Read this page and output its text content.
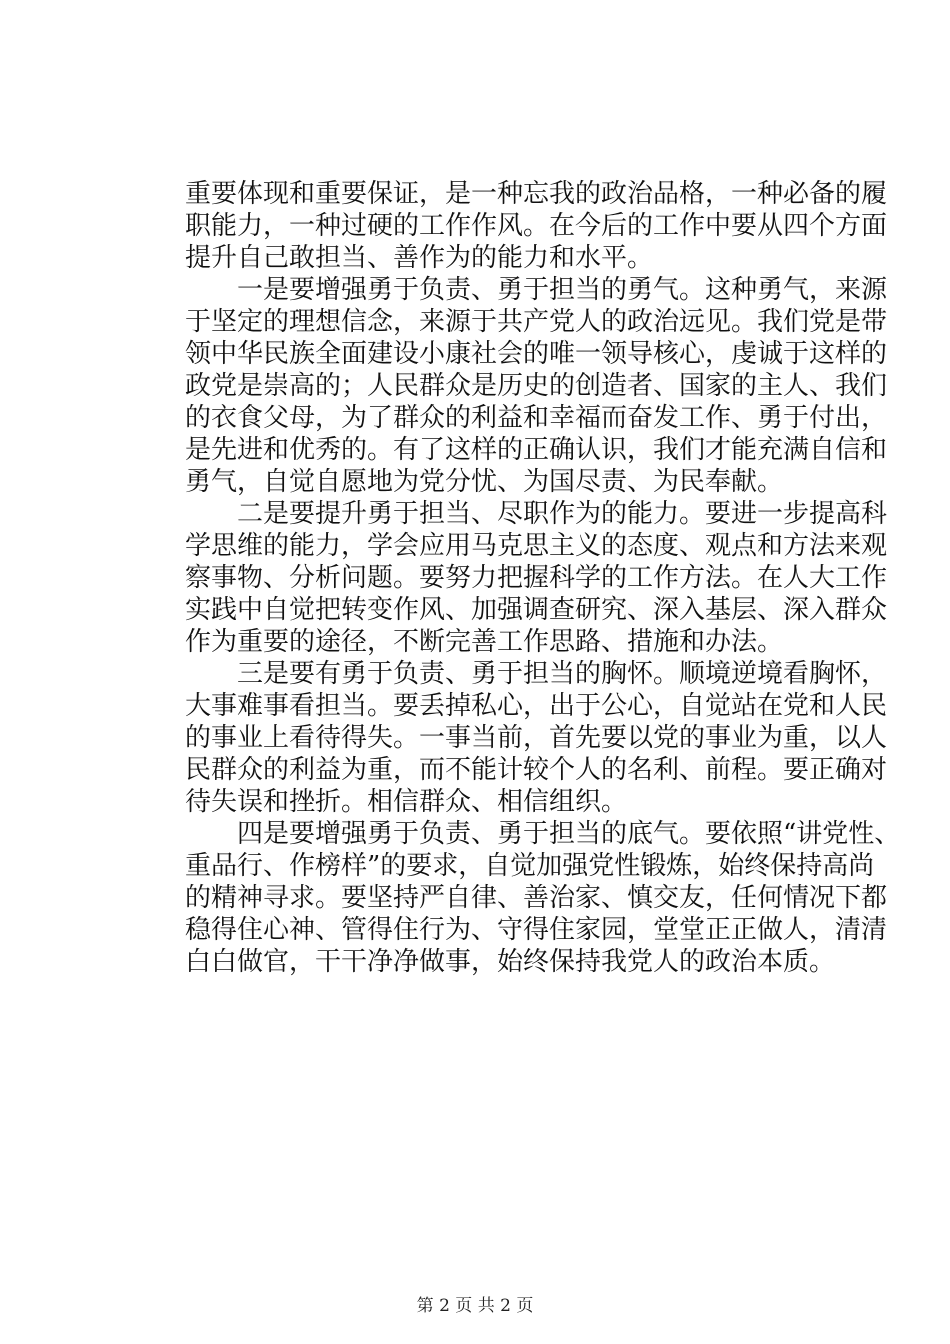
重要体现和重要保证，是一种忘我的政治品格，一种必备的履
职能力，一种过硬的工作作风。在今后的工作中要从四个方面
提升自己敢担当、善作为的能力和水平。
　　一是要增强勇于负责、勇于担当的勇气。这种勇气，来源
于坚定的理想信念，来源于共产党人的政治远见。我们党是带
领中华民族全面建设小康社会的唯一领导核心，虔诚于这样的
政党是崇高的；人民群众是历史的创造者、国家的主人、我们
的衣食父母，为了群众的利益和幸福而奋发工作、勇于付出，
是先进和优秀的。有了这样的正确认识，我们才能充满自信和
勇气，自觉自愿地为党分忧、为国尽责、为民奉献。
　　二是要提升勇于担当、尽职作为的能力。要进一步提高科
学思维的能力，学会应用马克思主义的态度、观点和方法来观
察事物、分析问题。要努力把握科学的工作方法。在人大工作
实践中自觉把转变作风、加强调查研究、深入基层、深入群众
作为重要的途径，不断完善工作思路、措施和办法。
　　三是要有勇于负责、勇于担当的胸怀。顺境逆境看胸怀，
大事难事看担当。要丢掉私心，出于公心，自觉站在党和人民
的事业上看待得失。一事当前，首先要以党的事业为重，以人
民群众的利益为重，而不能计较个人的名利、前程。要正确对
待失误和挫折。相信群众、相信组织。
　　四是要增强勇于负责、勇于担当的底气。要依照“讲党性、
重品行、作榜样”的要求，自觉加强党性锻炼，始终保持高尚
的精神寻求。要坚持严自律、善治家、慎交友，任何情况下都
稳得住心神、管得住行为、守得住家园，堂堂正正做人，清清
白白做官，干干净净做事，始终保持我党人的政治本质。
第 2 页 共 2 页
